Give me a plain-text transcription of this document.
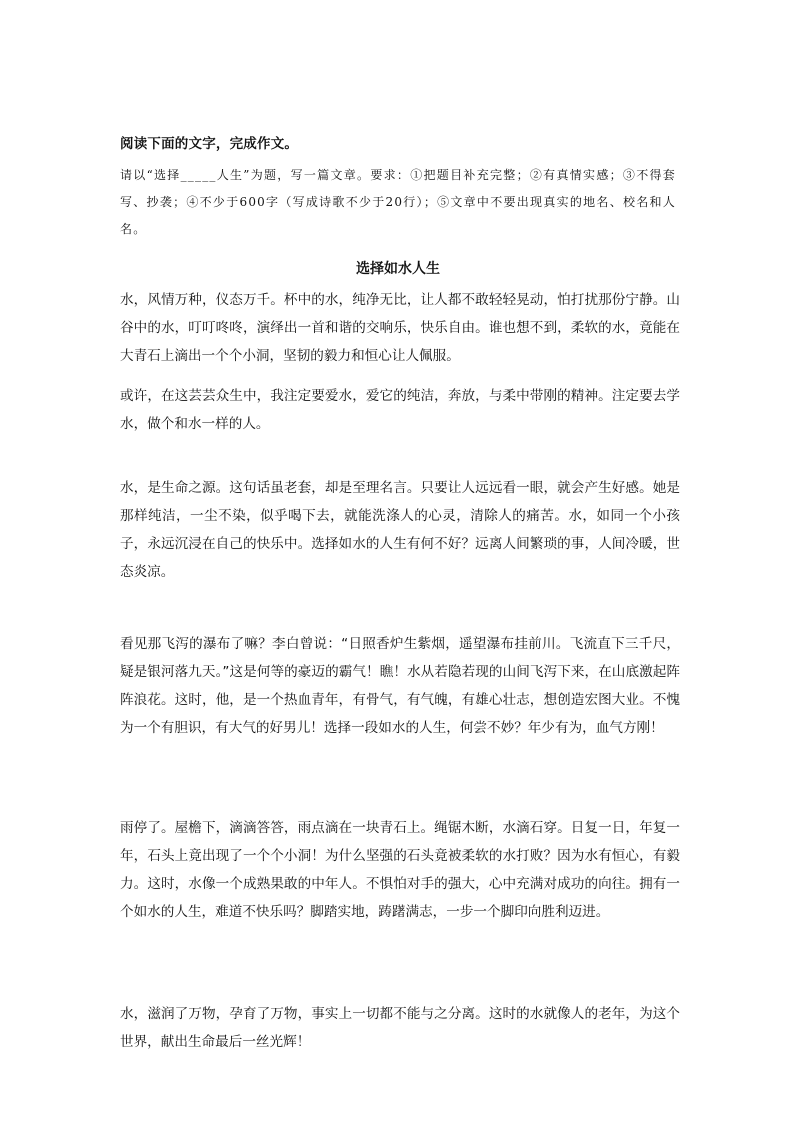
阅读下面的文字，完成作文。
请以“选择_____人生”为题，写一篇文章。要求：①把题目补充完整；②有真情实感；③不得套写、抄袭；④不少于600字（写成诗歌不少于20行）；⑤文章中不要出现真实的地名、校名和人名。
选择如水人生
水，风情万种，仪态万千。杯中的水，纯净无比，让人都不敢轻轻晃动，怕打扰那份宁静。山谷中的水，叮叮咚咚，演绎出一首和谐的交响乐，快乐自由。谁也想不到，柔软的水，竟能在大青石上滴出一个个小洞，坚韧的毅力和恒心让人佩服。
或许，在这芸芸众生中，我注定要爱水，爱它的纯洁，奔放，与柔中带刚的精神。注定要去学水，做个和水一样的人。
水，是生命之源。这句话虽老套，却是至理名言。只要让人远远看一眼，就会产生好感。她是那样纯洁，一尘不染，似乎喝下去，就能洗涤人的心灵，清除人的痛苦。水，如同一个小孩子，永远沉浸在自己的快乐中。选择如水的人生有何不好？远离人间繁琐的事，人间冷暖，世态炎凉。
看见那飞泻的瀑布了嘛？李白曾说：“日照香炉生紫烟，遥望瀑布挂前川。飞流直下三千尺，疑是银河落九天。”这是何等的豪迈的霸气！瞧！水从若隐若现的山间飞泻下来，在山底激起阵阵浪花。这时，他，是一个热血青年，有骨气，有气魄，有雄心壮志，想创造宏图大业。不愧为一个有胆识，有大气的好男儿！选择一段如水的人生，何尝不妙？年少有为，血气方刚！
雨停了。屋檐下，滴滴答答，雨点滴在一块青石上。绳锯木断，水滴石穿。日复一日，年复一年，石头上竟出现了一个个小洞！为什么坚强的石头竟被柔软的水打败？因为水有恒心，有毅力。这时，水像一个成熟果敢的中年人。不惧怕对手的强大，心中充满对成功的向往。拥有一个如水的人生，难道不快乐吗？脚踏实地，踌躇满志，一步一个脚印向胜利迈进。
水，滋润了万物，孕育了万物，事实上一切都不能与之分离。这时的水就像人的老年，为这个世界，献出生命最后一丝光辉！
